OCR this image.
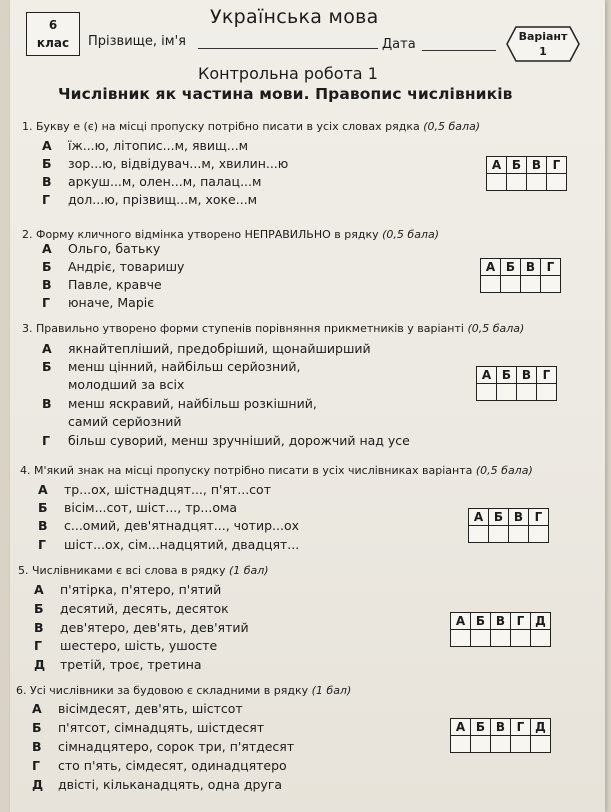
6
клас
Українська мова
Прізвище, ім'я	Дата
Варіант
1
Контрольна робота 1
Числівник як частина мови. Правопис числівників
1. Букву е (є) на місці пропуску потрібно писати в усіх словах рядка (0,5 бала)
А їж...ю, літопис...м, явищ...м
Б зор...ю, відвідувач...м, хвилин...ю
В аркуш...м, олен...м, палац...м
Г дол...ю, прізвищ...м, хоке...м
А	Б	В	Г

2. Форму кличного відмінка утворено НЕПРАВИЛЬНО в рядку (0,5 бала)
А Ольго, батьку
Б Андріє, товаришу
В Павле, кравче
Г юначе, Маріє
А	Б	В	Г

3. Правильно утворено форми ступенів порівняння прикметників у варіанті (0,5 бала)
А якнайтепліший, предобріший, щонайширший
Б менш цінний, найбільш серйозний,
молодший за всіх
В менш яскравий, найбільш розкішний,
самий серйозний
Г більш суворий, менш зручніший, дорожчий над усе
А	Б	В	Г

4. М'який знак на місці пропуску потрібно писати в усіх числівниках варіанта (0,5 бала)
А тр...ох, шістнадцят..., п'ят...сот
Б вісім...сот, шіст..., тр...ома
В с...омий, дев'ятнадцят..., чотир...ох
Г шіст...ох, сім...надцятий, двадцят...
А	Б	В	Г

5. Числівниками є всі слова в рядку (1 бал)
А п'ятірка, п'ятеро, п'ятий
Б десятий, десять, десяток
В дев'ятеро, дев'ять, дев'ятий
Г шестеро, шість, ушосте
Д третій, троє, третина
А	Б	В	Г	Д

6. Усі числівники за будовою є складними в рядку (1 бал)
А вісімдесят, дев'ять, шістсот
Б п'ятсот, сімнадцять, шістдесят
В сімнадцятеро, сорок три, п'ятдесят
Г сто п'ять, сімдесят, одинадцятеро
Д двісті, кільканадцять, одна друга
А	Б	В	Г	Д
